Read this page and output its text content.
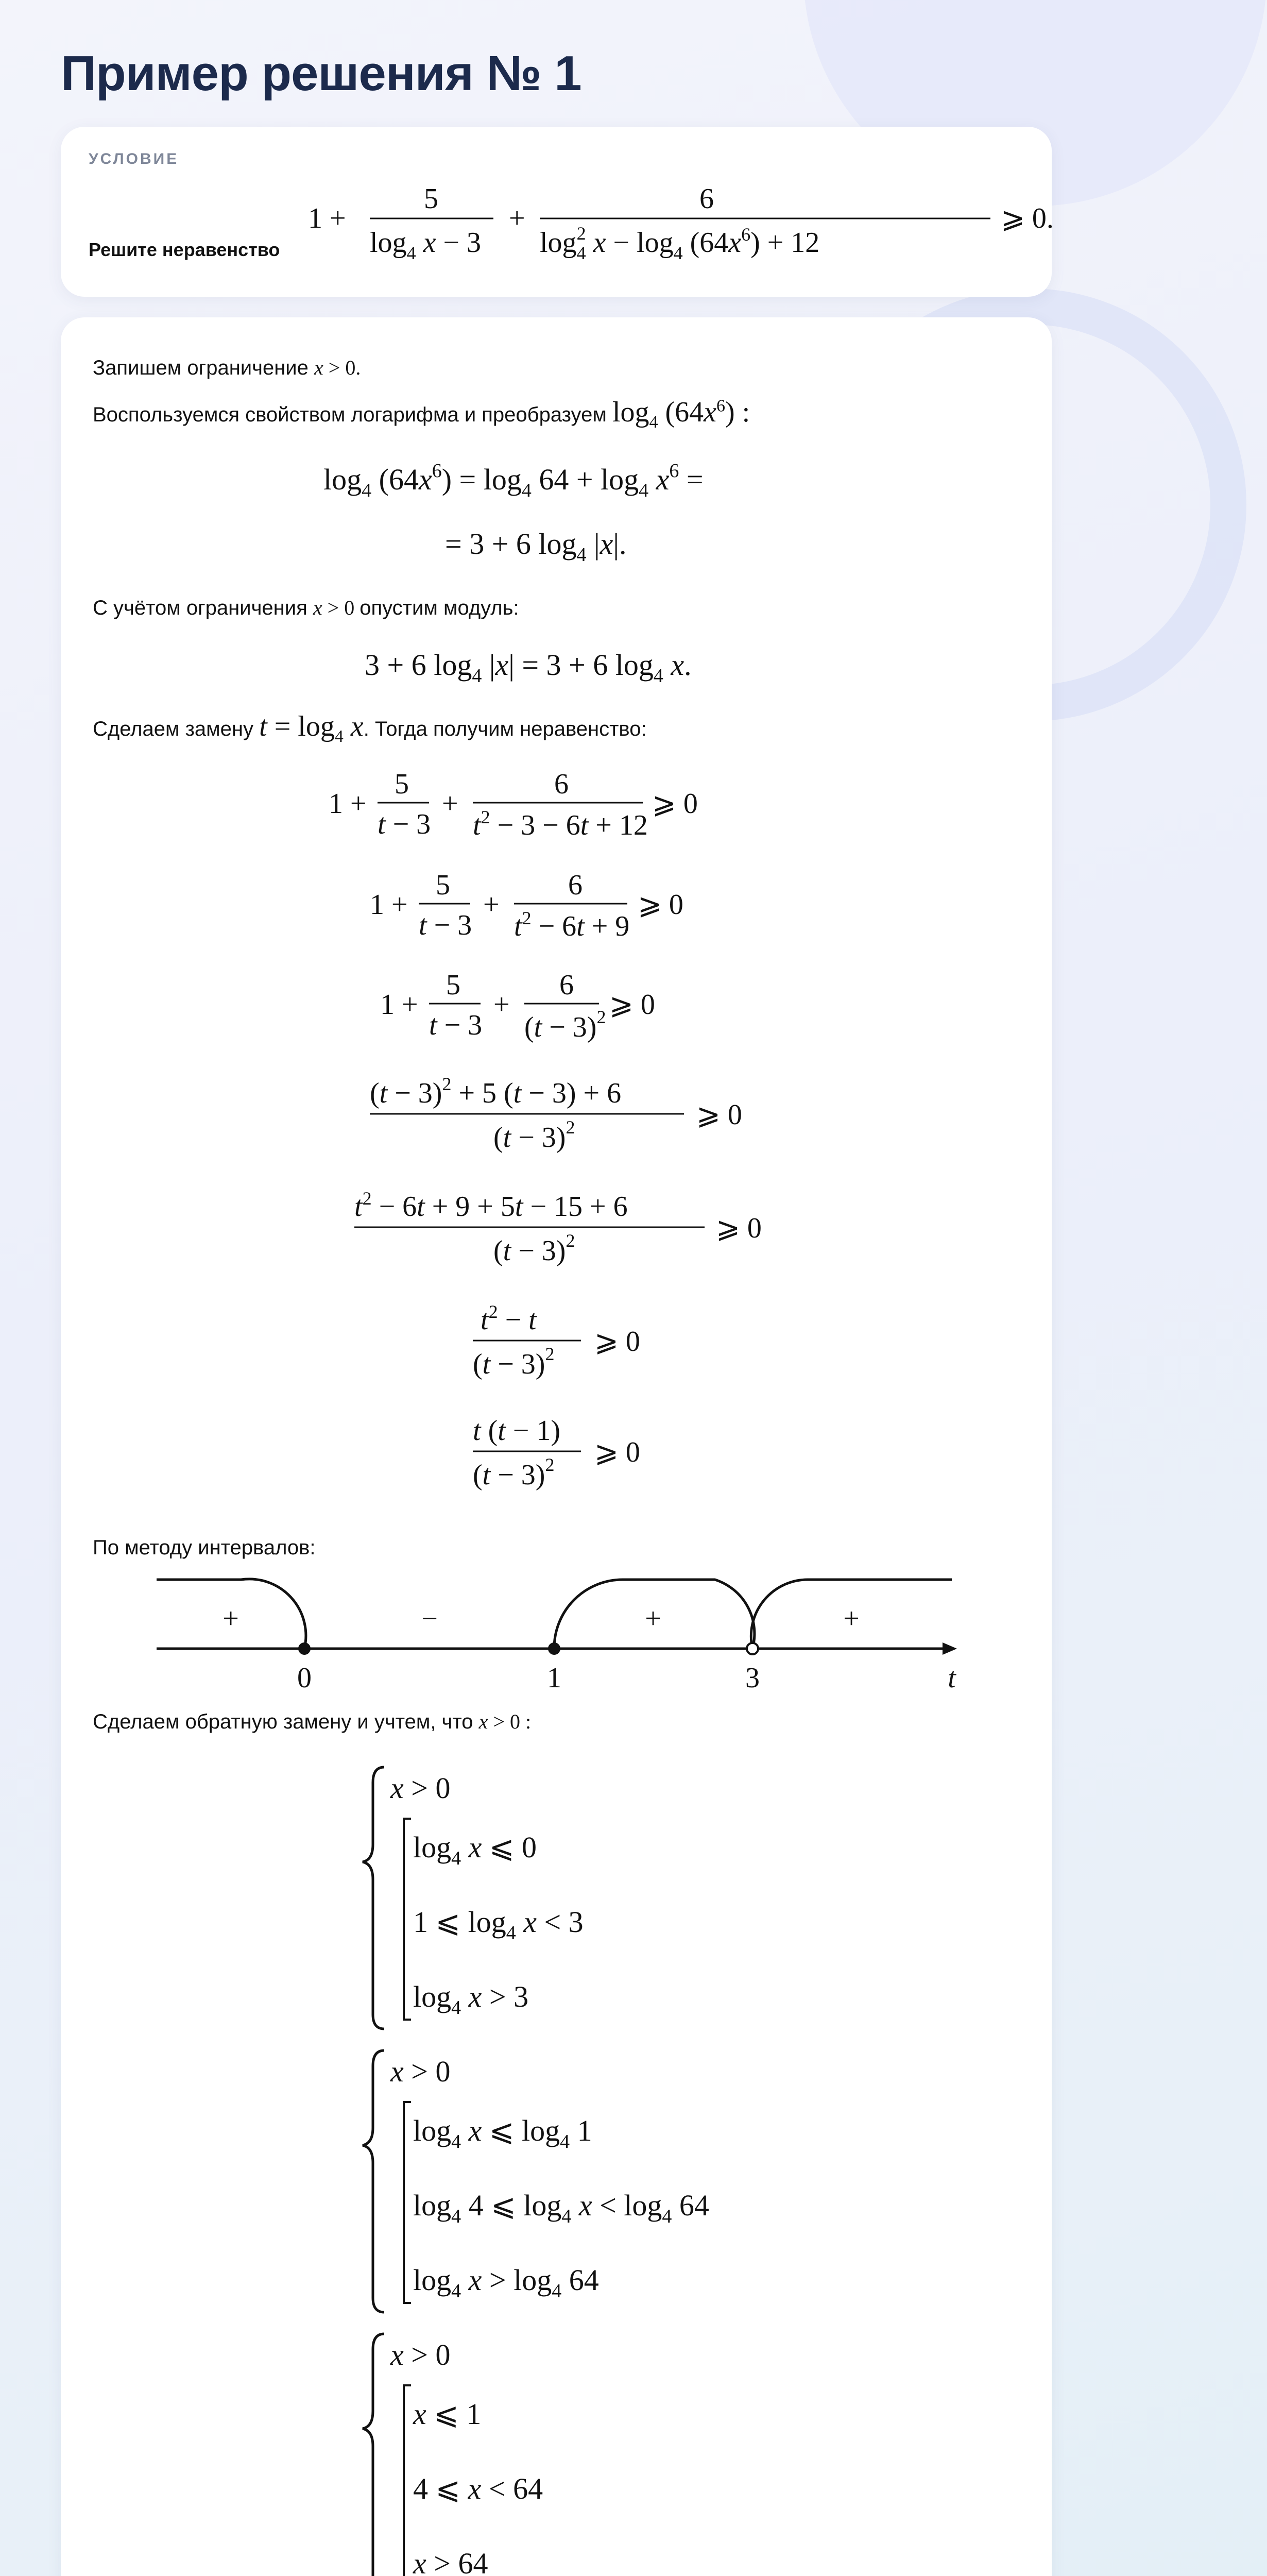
Пример решения № 1
УСЛОВИЕ
Решите неравенство
1 +
5
$\log_4 x - 3$
+
6
$\log^2 4$ $x - \log_4 (64x^6) + 12$
⩾ 0.
Запишем ограничение x > 0.
Воспользуемся свойством логарифма и преобразуем $\log_4 (64x^6)$ :
$\log_4 (64x^6) = \log_4 64 + \log_4 x^6$ =
= 3 + 6 $\log_4 |x|$.
С учётом ограничения x > 0 опустим модуль:
3 + 6 $\log_4 |x| = 3 + 6$ $\log_4 x$.
Сделаем замену $t = \log_4 x$. Тогда получим неравенство:
1 +
5
t − 3
+
6
$t^2 - 3 - 6t + 12$
⩾ 0
1 +
5
t − 3
+
6
$t^2 - 6t + 9$
⩾ 0
1 +
5
t − 3
+
6
$(t - 3)^2$ ⩾ 0
$(t - 3)^2 + 5$ (t − 3) + 6
$(t - 3)^2$	⩾ 0
$t^2 - 6t + 9 + 5t - 15 + 6$
$(t - 3)^2$	⩾ 0
$t^2 - t$
$(t - 3)^2$ ⩾ 0
t (t − 1)
$(t - 3)^2$ ⩾ 0
По методу интервалов:
+	−	+	+
0	1	3	t
Сделаем обратную замену и учтем, что x > 0 :
x > 0
$\log_4 x$ ⩽ 0
1 ⩽ $\log_4 x < 3$
$\log_4 x > 3$
x > 0
$\log_4 x$ ⩽ $\log_4 1$
$\log_4 4$ ⩽ $\log_4 x < \log_4 64$
$\log_4 x > \log_4 64$
x > 0
x ⩽ 1
4 ⩽ x < 64
x > 64
